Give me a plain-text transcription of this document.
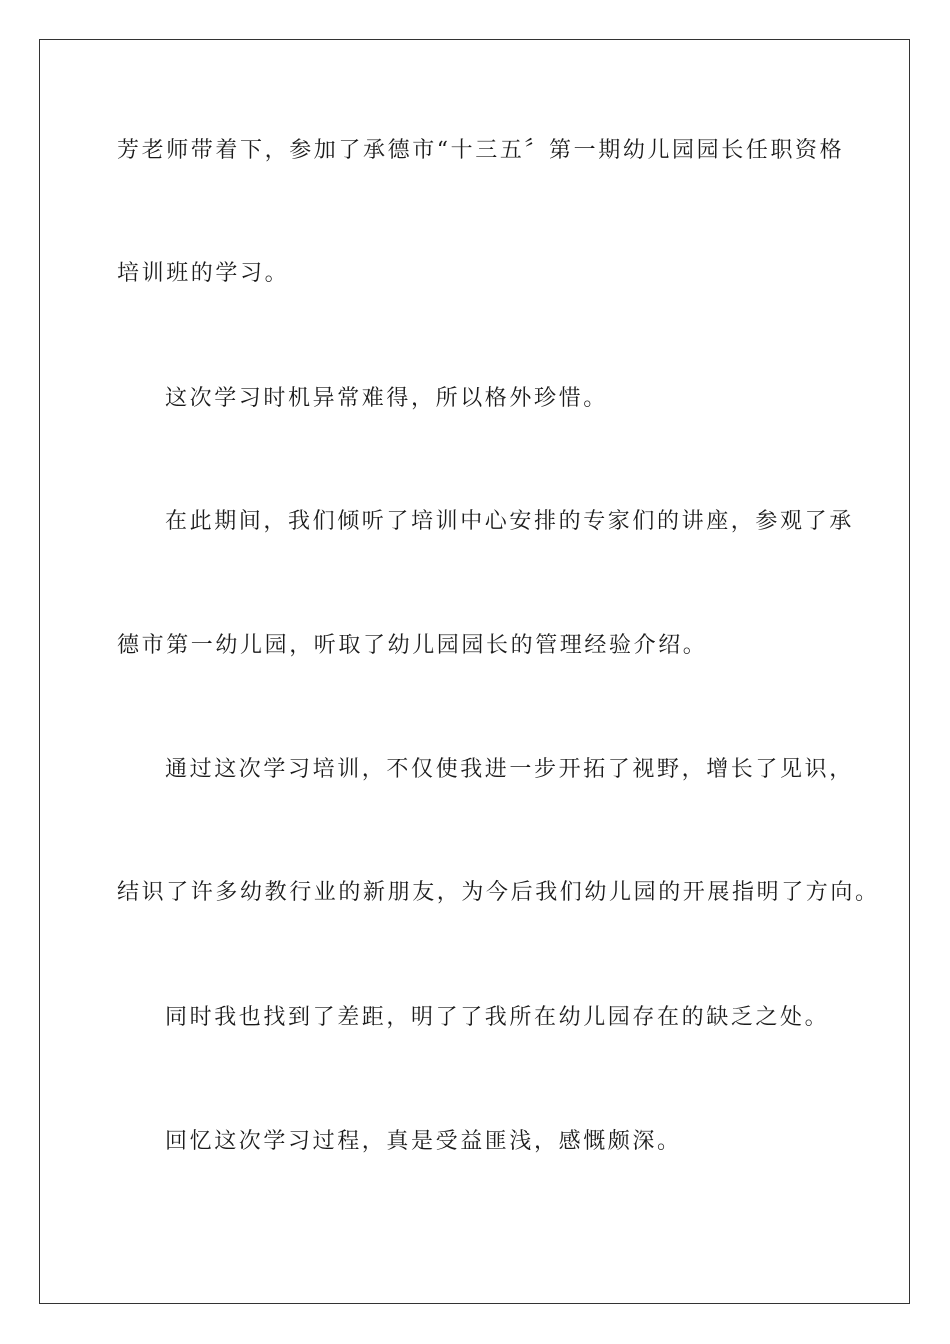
芳老师带着下，参加了承德市“十三五〞第一期幼儿园园长任职资格
培训班的学习。
这次学习时机异常难得，所以格外珍惜。
在此期间，我们倾听了培训中心安排的专家们的讲座，参观了承
德市第一幼儿园，听取了幼儿园园长的管理经验介绍。
通过这次学习培训，不仅使我进一步开拓了视野，增长了见识，
结识了许多幼教行业的新朋友，为今后我们幼儿园的开展指明了方向。
同时我也找到了差距，明了了我所在幼儿园存在的缺乏之处。
回忆这次学习过程，真是受益匪浅，感慨颇深。
